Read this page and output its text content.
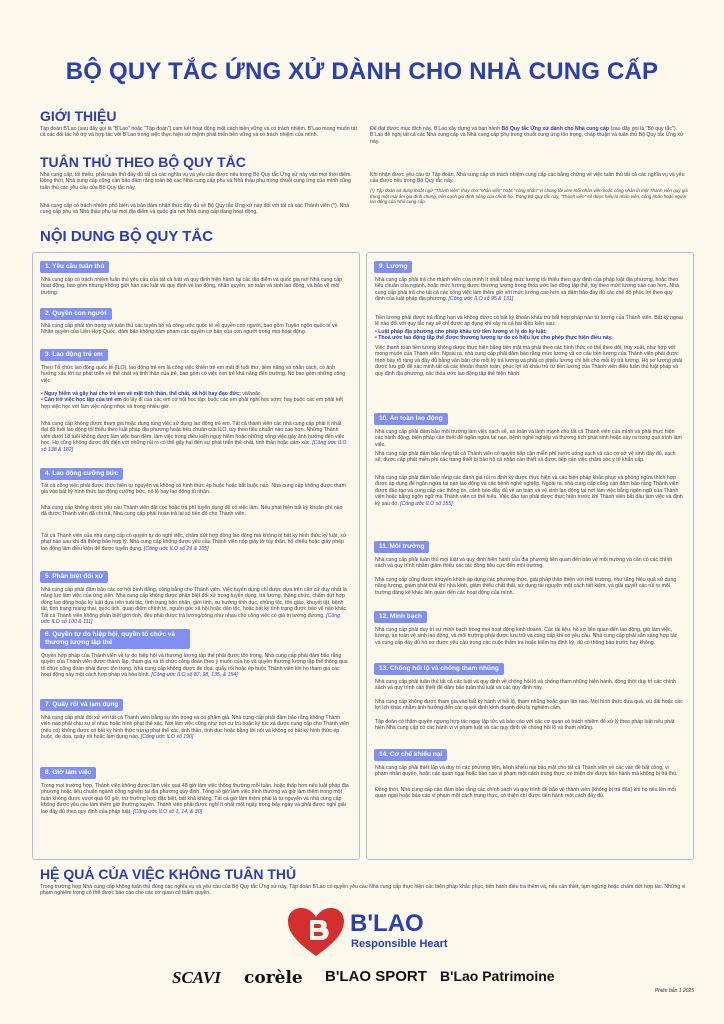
BỘ QUY TẮC ỨNG XỬ DÀNH CHO NHÀ CUNG CẤP
GIỚI THIỆU
Tập đoàn B'Lao (sau đây gọi là "B'Lao" hoặc "Tập đoàn") cam kết hoạt động một cách biền vững và có trách nhiệm. B'Lao mong muốn tất cả các đối tác hỗ trợ và hợp tác với B'Lao trong việc thực hiện sứ mệnh phát triển bền vững và có trách nhiệm của mình.
Để đạt được mục đích này, B'Lao xây dựng và ban hành Bộ Quy tắc Ứng xử dành cho Nhà cung cấp (sau đây gọi là "Bộ quy tắc"). B'Lao đề nghị tất cả các Nhà cung cấp và Nhà cung cấp phụ trong chuỗi cung ứng tôn trọng, chấp thuận và tuân thủ Bộ Quy tắc Ứng xử này.
TUÂN THỦ THEO BỘ QUY TẮC
Nhà cung cấp, tối thiểu, phải tuân thủ đầy đủ tất cả các nghĩa vụ và yêu cầu được nêu trong Bộ Quy tắc Ứng xử này vào mọi thời điểm. Đồng thời, Nhà cung cấp cũng cần bảo đảm rằng toàn bộ các Nhà cung cấp phụ và Nhà thầu phụ trong chuỗi cung ứng của mình cũng tuân thủ các yêu cầu của Bộ Quy tắc này.
Nhà cung cấp có trách nhiệm phổ biến và bảo đảm nhận thức đầy đủ về Bộ Quy tắc Ứng xử này đối với tất cả các Thành viên (*). Nhà cung cấp phụ và Nhà thầu phụ tại mọi địa điểm và quốc gia nơi Nhà cung cấp đang hoạt động.
Khi nhận được yêu cầu từ Tập đoàn, Nhà cung cấp có trách nhiệm cung cấp các bằng chứng về việc tuân thủ tất cả các nghĩa vụ và yêu cầu được nêu trong Bộ Quy tắc này.
(*) Tập đoàn sử dụng thuật ngữ "Thành viên" thay cho "nhân viên" hoặc "công nhân" vì chúng tôi xem mỗi nhân viên hoặc công nhân là một Thành viên quý giá trong một mái ấm gia đình chung, trên cạnh gia đình riêng của chính họ. Trong Bộ Quy tắc này, "Thành viên" sẽ được hiểu là nhân viên, công nhân hoặc người lao động của Nhà cung cấp.
NỘI DUNG BỘ QUY TẮC
1. Yêu cầu tuân thủ
Nhà cung cấp có trách nhiệm tuân thủ yêu cầu của tất cả luật và quy định hiện hành tại các địa điểm và quốc gia nơi Nhà cung cấp hoạt động, bao gồm nhưng không giới hạn các luật và quy định về lao động, nhân quyền, an toàn và sinh lao động, và bảo vệ môi trường.
2. Quyền con người
Nhà cung cấp phải tôn trọng và tuân thủ các tuyên bố và công ước quốc tế về quyền con người, bao gồm Tuyên ngôn quốc tế về Nhân quyền của Liên Hợp Quốc, đảm bảo không xâm phạm các quyền cơ bản của con người trong mọi hoạt động.
3. Lao động trẻ em
Theo Tổ chức lao động quốc tế (ILO), lao động trẻ em là công việc khiến trẻ em mất đi tuổi thơ, tiềm năng và nhân cách, có ảnh hưởng xấu tới sự phát triển về thể chất và tinh thần của trẻ, bao gồm có việc con trẻ khả năng đến trường. Nó bao gồm những công việc:
• Nguy hiểm và gây hại cho trẻ em về mặt tinh thần, thể chất, xã hội hay đạo đức; và/hoặc
• Cản trở việc học tập của trẻ em do lấy đi của các em cơ hội học tập; buộc các em phải nghỉ học sớm; hay buộc các em phải kết hợp việc học với làm việc nặng nhọc và trong nhiều giờ.
Nhà cung cấp không được tham gia hoặc dung túng việc sử dụng lao động trẻ em. Tất cả thành viên các nhà cung cấp phải ít nhất đạt độ tuổi lao động tối thiểu theo luật pháp địa phương hoặc tiêu chuẩn của ILO, tùy theo tiêu chuẩn nào cao hơn. Những Thành viên dưới 18 tuổi không được làm việc ban đêm, làm việc trong điều kiện nguy hiểm hoặc những công việc gây ảnh hưởng đến việc học. Họ cũng không được đối diện với những rủi ro có thể gây hại đến sự phát triển thể chất, tinh thần hoặc cảm xúc. [Công ước ILO số 138 & 182]
4. Lao động cưỡng bức
Tất cả công việc phải được thực hiện tự nguyện và không có hình thức ép buộc hoặc bắt buộc nào. Nhà cung cấp không được tham gia vào bất kỳ hình thức lao động cưỡng bức, nô lệ hay lao động tù nhân.
Nhà cung cấp không được yêu cầu Thành viên đặt cọc hoặc trả phí tuyển dụng để có việc làm. Nếu phát hiện bất kỳ khoản phí nào đã được Thành viên đã chi trả, Nhà cung cấp phải hoàn trả lại số tiền đó cho Thành viên.
Tất cả Thành viên của nhà cung cấp có quyền tự do nghỉ việc, chấm dứt hợp đồng lao động mà không bị bất kỳ hình thức kỷ luật, xử phạt nào sau khi đã thông báo hợp lý. Nhà cung cấp không được yêu cầu Thành viên nộp giấy tờ tùy thân, hộ chiếu hoặc giấy phép lao động làm điều kiện để được tuyển dụng. [Công ước ILO số 29 & 105]
5. Phân biệt đối xử
Nhà cung cấp phải đảm bảo các cơ hội bình đẳng, công bằng cho Thành viên. Việc tuyển dụng chỉ được dựa trên căn cứ duy nhất là năng lực làm việc của ứng viên. Nhà cung cấp không được phân biệt đối xử trong tuyển dụng, trả lương, thăng chức, chấm dứt hợp đồng lao động hoặc kỷ luật dựa trên tuổi tác, tình trạng hôn nhân, giới tính, xu hướng tính dục, chủng tộc, tôn giáo, khuyết tật, bệnh tật, tình trạng mang thai, quốc tịch, quan điểm chính trị, nguồn gốc xã hội hoặc dân tộc, hoặc bất kỳ tình trạng được bảo vệ nào khác. Tất cả Thành viên không phân biệt giới tính, đều phải được trả lương/công như nhau cho công việc có giá trị tương đương. [Công ước ILO số 100 & 111]
6. Quyền tự do hiệp hội, quyền tổ chức và thương lượng tập thể
Quyền hợp pháp của Thành viên về tự do hiệp hội và thương lượng tập thể phải được tôn trọng. Nhà cung cấp phải đảm bảo rằng quyền của Thành viên được thành lập, tham gia và tổ chức công đoàn theo ý muốn của họ và quyền thương lượng tập thể thông qua tổ chức công đoàn phải được tôn trọng. Nhà cung cấp không được đe dọa, quấy rối hoặc ép buộc Thành viên khi họ tham gia các hoạt động này một cách hợp pháp và hòa bình. [Công ước ILO số 87, 98, 135, & 154]
7. Quấy rối và lạm dụng
Nhà cung cấp phải đối xử với tất cả Thành viên bằng sự tôn trọng và có phẩm giá. Nhà cung cấp phải đảm bảo rằng không Thành viên nào phải chịu sự sỉ nhục hoặc hình phạt thể xác. Nơi làm việc cũng như nơi cư trú hoặc ký túc xá được cung cấp cho Thành viên (nếu có) không được có bất kỳ hình thức trừng phạt thể xác, tinh thần, tình dục hoặc bằng lời nói và không có bất kỳ hình thức ép buộc, đe dọa, quấy rối hoặc lạm dụng nào. [Công ước ILO số 190]
8. Giờ làm việc
Trong mọi trường hợp, Thành viên không được làm việc quá 48 giờ làm việc thông thường mỗi tuần, hoặc thấp hơn nếu luật pháp địa phương hoặc tiêu chuẩn ngành công nghiệp tại địa phương quy định. Tổng số giờ làm việc bình thường và giờ làm thêm trong một tuần không được vượt quá 60 giờ, trừ trường hợp đặc biệt, bất khả kháng. Tất cả giờ làm thêm phải là tự nguyện và nhà cung cấp không được yêu cầu làm thêm giờ thường xuyên. Thành viên phải được nghỉ ít nhất một ngày trong bảy ngày và phải được nghỉ giải lao đầy đủ theo quy định của pháp luật. [Công ước ILO số 1, 14, & 30]
9. Lương
Nhà cung cấp phải trả cho thành viên của mình ít nhất bằng mức lương tối thiểu theo quy định của pháp luật địa phương, hoặc theo tiêu chuẩn của ngành, hoặc mức lương được thương lượng trong thỏa ước lao động tập thể, tùy theo mức lương nào cao hơn. Nhà cung cấp phải trả cho tất cả các công việc làm thêm giờ với mức lương cao hơn và đảm bảo đầy đủ các chế độ phúc lợi theo quy định của luật pháp địa phương. [Công ước ILO số 95 & 131]
Tiền lương phải được trả đúng hạn và không được có bất kỳ khoản khấu trừ bất hợp pháp nào từ lương của Thành viên. Bất kỳ ngoại lệ nào đối với quy tắc này sẽ chỉ được áp dụng khi xảy ra cả hai điều kiện sau:
• Luật pháp địa phương cho phép khấu trừ tiền lương vì lý do kỷ luật;
• Thoả ước lao động tập thể được thương lượng tự do có hiệu lực cho phép thực hiện điều này.
Việc thanh toán tiền lương không được thực hiện bằng tiền mặt mà phải theo các hình thức có thể theo dõi, truy xuất, như hợp với mong muốn của Thành viên. Ngoài ra, nhà cung cấp phải đảm bảo rằng mức lương và cơ cấu tiền lương của Thành viên phải được trình bày rõ ràng và đầy đủ bằng văn bản cho mỗi kỳ trả lương và phải có phiếu lương chi tiết cho mỗi kỳ trả lương. Hồ sơ lương phải được lưu giữ để xác minh tất cả các khoản thanh toán, phúc lợi và khấu trừ từ tiền lương của Thành viên điều tuân thủ luật pháp và quy định địa phương, các thỏa ước lao động tập thể hiện hành.
10. An toàn lao động
Nhà cung cấp phải đảm bảo môi trường làm việc sạch sẽ, an toàn và lành mạnh cho tất cả Thành viên của mình và phải thực hiện các hành động, biện pháp cần thiết để ngăn ngừa tai nạn, bệnh nghề nghiệp và thương tích phát sinh hoặc xảy ra trong quá trình làm việc.
Nhà cung cấp phải đảm bảo rằng tất cả Thành viên có quyền tiếp cận miễn phí nước uống sạch và các cơ sở vệ sinh đầy đủ, sạch sẽ; được cấp phát miễn phí các trang thiết bị bảo hộ cá nhân cần thiết và được tiếp cận việc chăm sóc y tế khẩn cấp.
Nhà cung cấp phải đảm bảo rằng các đánh giá rủi ro định kỳ được thực hiện và các biện pháp khắc phục và phòng ngừa thích hợp được áp dụng để ngăn ngừa tai nạn lao động và các bệnh nghề nghiệp. Ngoài ra, nhà cung cấp cũng cần đảm bảo rằng Thành viên được đào tạo và cung cấp các thông tin, cảnh báo đầy đủ về an toàn và vệ sinh lao động tại nơi làm việc bằng ngôn ngữ của Thành viên hoặc bằng ngôn ngữ mà Thành viên có thể hiểu. Việc đào tạo phải được thực hiện trước khi Thành viên bắt đầu làm việc và định kỳ sau đó. [Công ước ILO số 155]
11. Môi trường
Nhà cung cấp phải tuân thủ mọi luật và quy định hiện hành của địa phương liên quan đến bảo vệ môi trường và cần có các chính sách và quy trình nhằm giảm thiểu các tác động tiêu cực đến môi trường.
Nhà cung cấp cũng được khuyến khích áp dụng các phương thức, giải pháp thân thiện với môi trường, như tăng hiệu quả sử dụng năng lượng, giảm phát thải khí nhà kính, giảm thiểu chất thải, sử dụng tài nguyên một cách tiết kiệm, và giải quyết các rủi ro môi trường đáng kể khác liên quan đến các hoạt động của mình.
12. Minh bạch
Nhà cung cấp phải duy trì sự minh bạch trong mọi hoạt động kinh doanh. Các tài liệu, hồ sơ liên quan đến lao động, giờ làm việc, lương, an toàn vệ sinh lao động, và môi trường phải được lưu trữ và cung cấp khi có yêu cầu. Nhà cung cấp phải sẵn sàng hợp tác và cung cấp đầy đủ hồ sơ được yêu cầu trong các cuộc thẩm tra hoặc kiểm tra định kỳ, dù có thông báo trước hay không.
13. Chống hối lộ và chống tham nhũng
Nhà cung cấp phải tuân thủ tất cả các luật và quy định về chống hối lộ và chống tham nhũng hiện hành, đồng thời duy trì các chính sách và quy trình cần thiết để đảm bảo tuân thủ luật và các quy định này.
Nhà cung cấp không được tham gia vào bất kỳ hành vi hối lộ, tham nhũng hoặc gian lận nào. Mọi hình thức đưa quà, ưu đãi hoặc các lợi ích khác nhằm ảnh hưởng đến các quyết định kinh doanh đều bị nghiêm cấm.
Tập đoàn có thẩm quyền ngưng hợp tác ngay lập tức và báo cáo với các cơ quan có trách nhiệm để xử lý theo pháp luật nếu phát hiện Nhà cung cấp có các hành vi vi phạm luật và các quy định về chống hối lộ và tham nhũng.
14. Cơ chế khiếu nại
Nhà cung cấp phải thiết lập và duy trì các phương tiện, kênh khiếu nại bảo mật cho tất cả Thành viên về các vấn đề bất công, vi phạm nhân quyền, hoặc các quan ngại hoặc báo cáo vi phạm một cách trung thực, có thiện chí được tiến hành mà không bị trả thù.
Đồng thời, Nhà cung cấp cần đảm bảo rằng các chính sách và quy trình để bảo vệ thành viên (không bị trả đũa) khi họ nêu lên mối quan ngại hoặc báo cáo vi phạm một cách trung thực, có thiện chí được tiến hành một cách đầy đủ.
HỆ QUẢ CỦA VIỆC KHÔNG TUÂN THỦ
Trong trường hợp Nhà cung cấp không tuân thủ đúng các nghĩa vụ và yêu cầu của Bộ Quy tắc Ứng xử này, Tập đoàn B'Lao có quyền yêu cầu Nhà cung cấp thực hiện các biện pháp khắc phục, tiến hành điều tra thêm và, nếu cần thiết, tạm ngừng hoặc chấm dứt hợp tác. Những vi phạm nghiêm trọng có thể được báo cáo cho các cơ quan có thẩm quyền.
B'LAO
Responsible Heart
SCAVI corèle B'LAO SPORT B'Lao Patrimoine
Phiên bản 1 2025
